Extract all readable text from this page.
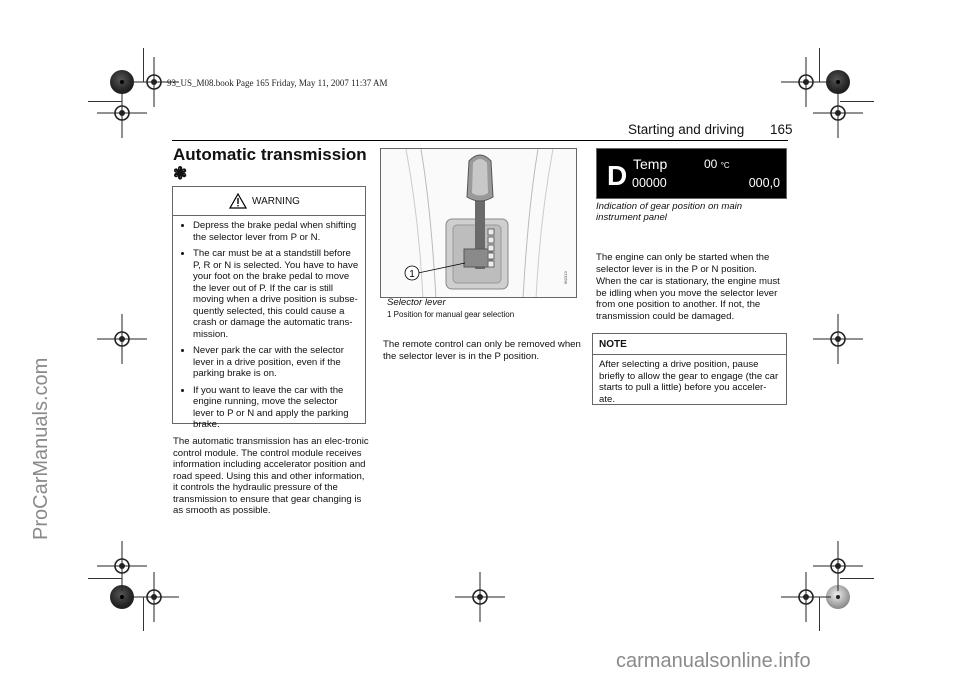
93_US_M08.book Page 165 Friday, May 11, 2007 11:37 AM
ProCarManuals.com
carmanualsonline.info
Starting and driving 165
Automatic transmission ❃
WARNING
• Depress the brake pedal when shifting the selector lever from P or N.
• The car must be at a standstill before P, R or N is selected. You have to have your foot on the brake pedal to move the lever out of P. If the car is still moving when a drive position is subse-quently selected, this could cause a crash or damage the automatic trans-mission.
• Never park the car with the selector lever in a drive position, even if the parking brake is on.
• If you want to leave the car with the engine running, move the selector lever to P or N and apply the parking brake.
The automatic transmission has an elec-tronic control module. The control module receives information including accelerator position and road speed. Using this and other information, it controls the hydraulic pressure of the transmission to ensure that gear changing is as smooth as possible.
1	IB2313
Selector lever
1 Position for manual gear selection
The remote control can only be removed when the selector lever is in the P position.
D Temp	00 °C
00000	000,0
Indication of gear position on main instrument panel
The engine can only be started when the selector lever is in the P or N position.
When the car is stationary, the engine must be idling when you move the selector lever from one position to another. If not, the transmission could be damaged.
NOTE
After selecting a drive position, pause briefly to allow the gear to engage (the car starts to pull a little) before you acceler-ate.
